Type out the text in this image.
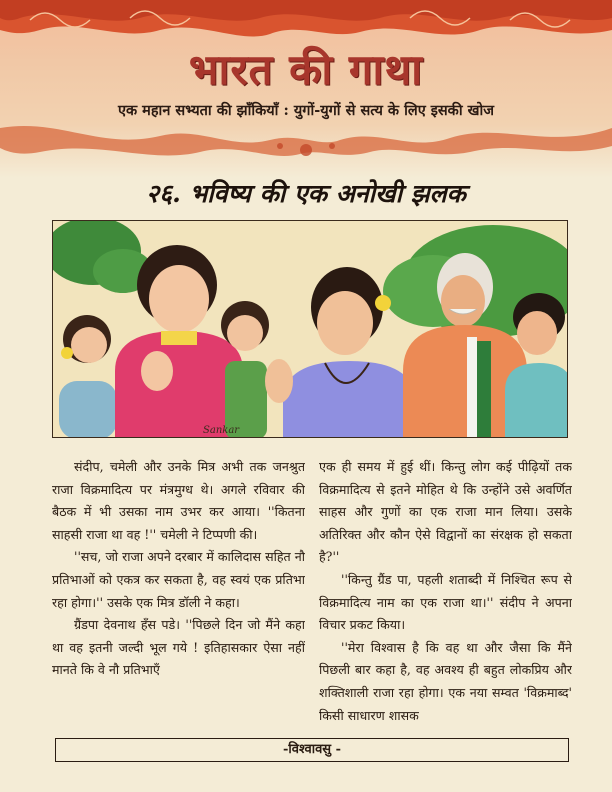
भारत की गाथा
एक महान सभ्यता की झाँकियाँ : युगों-युगों से सत्य के लिए इसकी खोज
२६. भविष्य की एक अनोखी झलक
Sankar

संदीप, चमेली और उनके मित्र अभी तक जनश्रुत राजा विक्रमादित्य पर मंत्रमुग्ध थे। अगले रविवार की बैठक में भी उसका नाम उभर कर आया। ''कितना साहसी राजा था वह !'' चमेली ने टिप्पणी की।

''सच, जो राजा अपने दरबार में कालिदास सहित नौ प्रतिभाओं को एकत्र कर सकता है, वह स्वयं एक प्रतिभा रहा होगा।'' उसके एक मित्र डॉली ने कहा।

ग्रैंडपा देवनाथ हँस पडे। ''पिछले दिन जो मैंने कहा था वह इतनी जल्दी भूल गये ! इतिहासकार ऐसा नहीं मानते कि वे नौ प्रतिभाएँ

एक ही समय में हुई थीं। किन्तु लोग कई पीढ़ियों तक विक्रमादित्य से इतने मोहित थे कि उन्होंने उसे अवर्णित साहस और गुणों का एक राजा मान लिया। उसके अतिरिक्त और कौन ऐसे विद्वानों का संरक्षक हो सकता है?''

''किन्तु ग्रैंड पा, पहली शताब्दी में निश्चित रूप से विक्रमादित्य नाम का एक राजा था।'' संदीप ने अपना विचार प्रकट किया।

''मेरा विश्वास है कि वह था और जैसा कि मैंने पिछली बार कहा है, वह अवश्य ही बहुत लोकप्रिय और शक्तिशाली राजा रहा होगा। एक नया सम्वत 'विक्रमाब्द' किसी साधारण शासक

-विश्वावसु -
